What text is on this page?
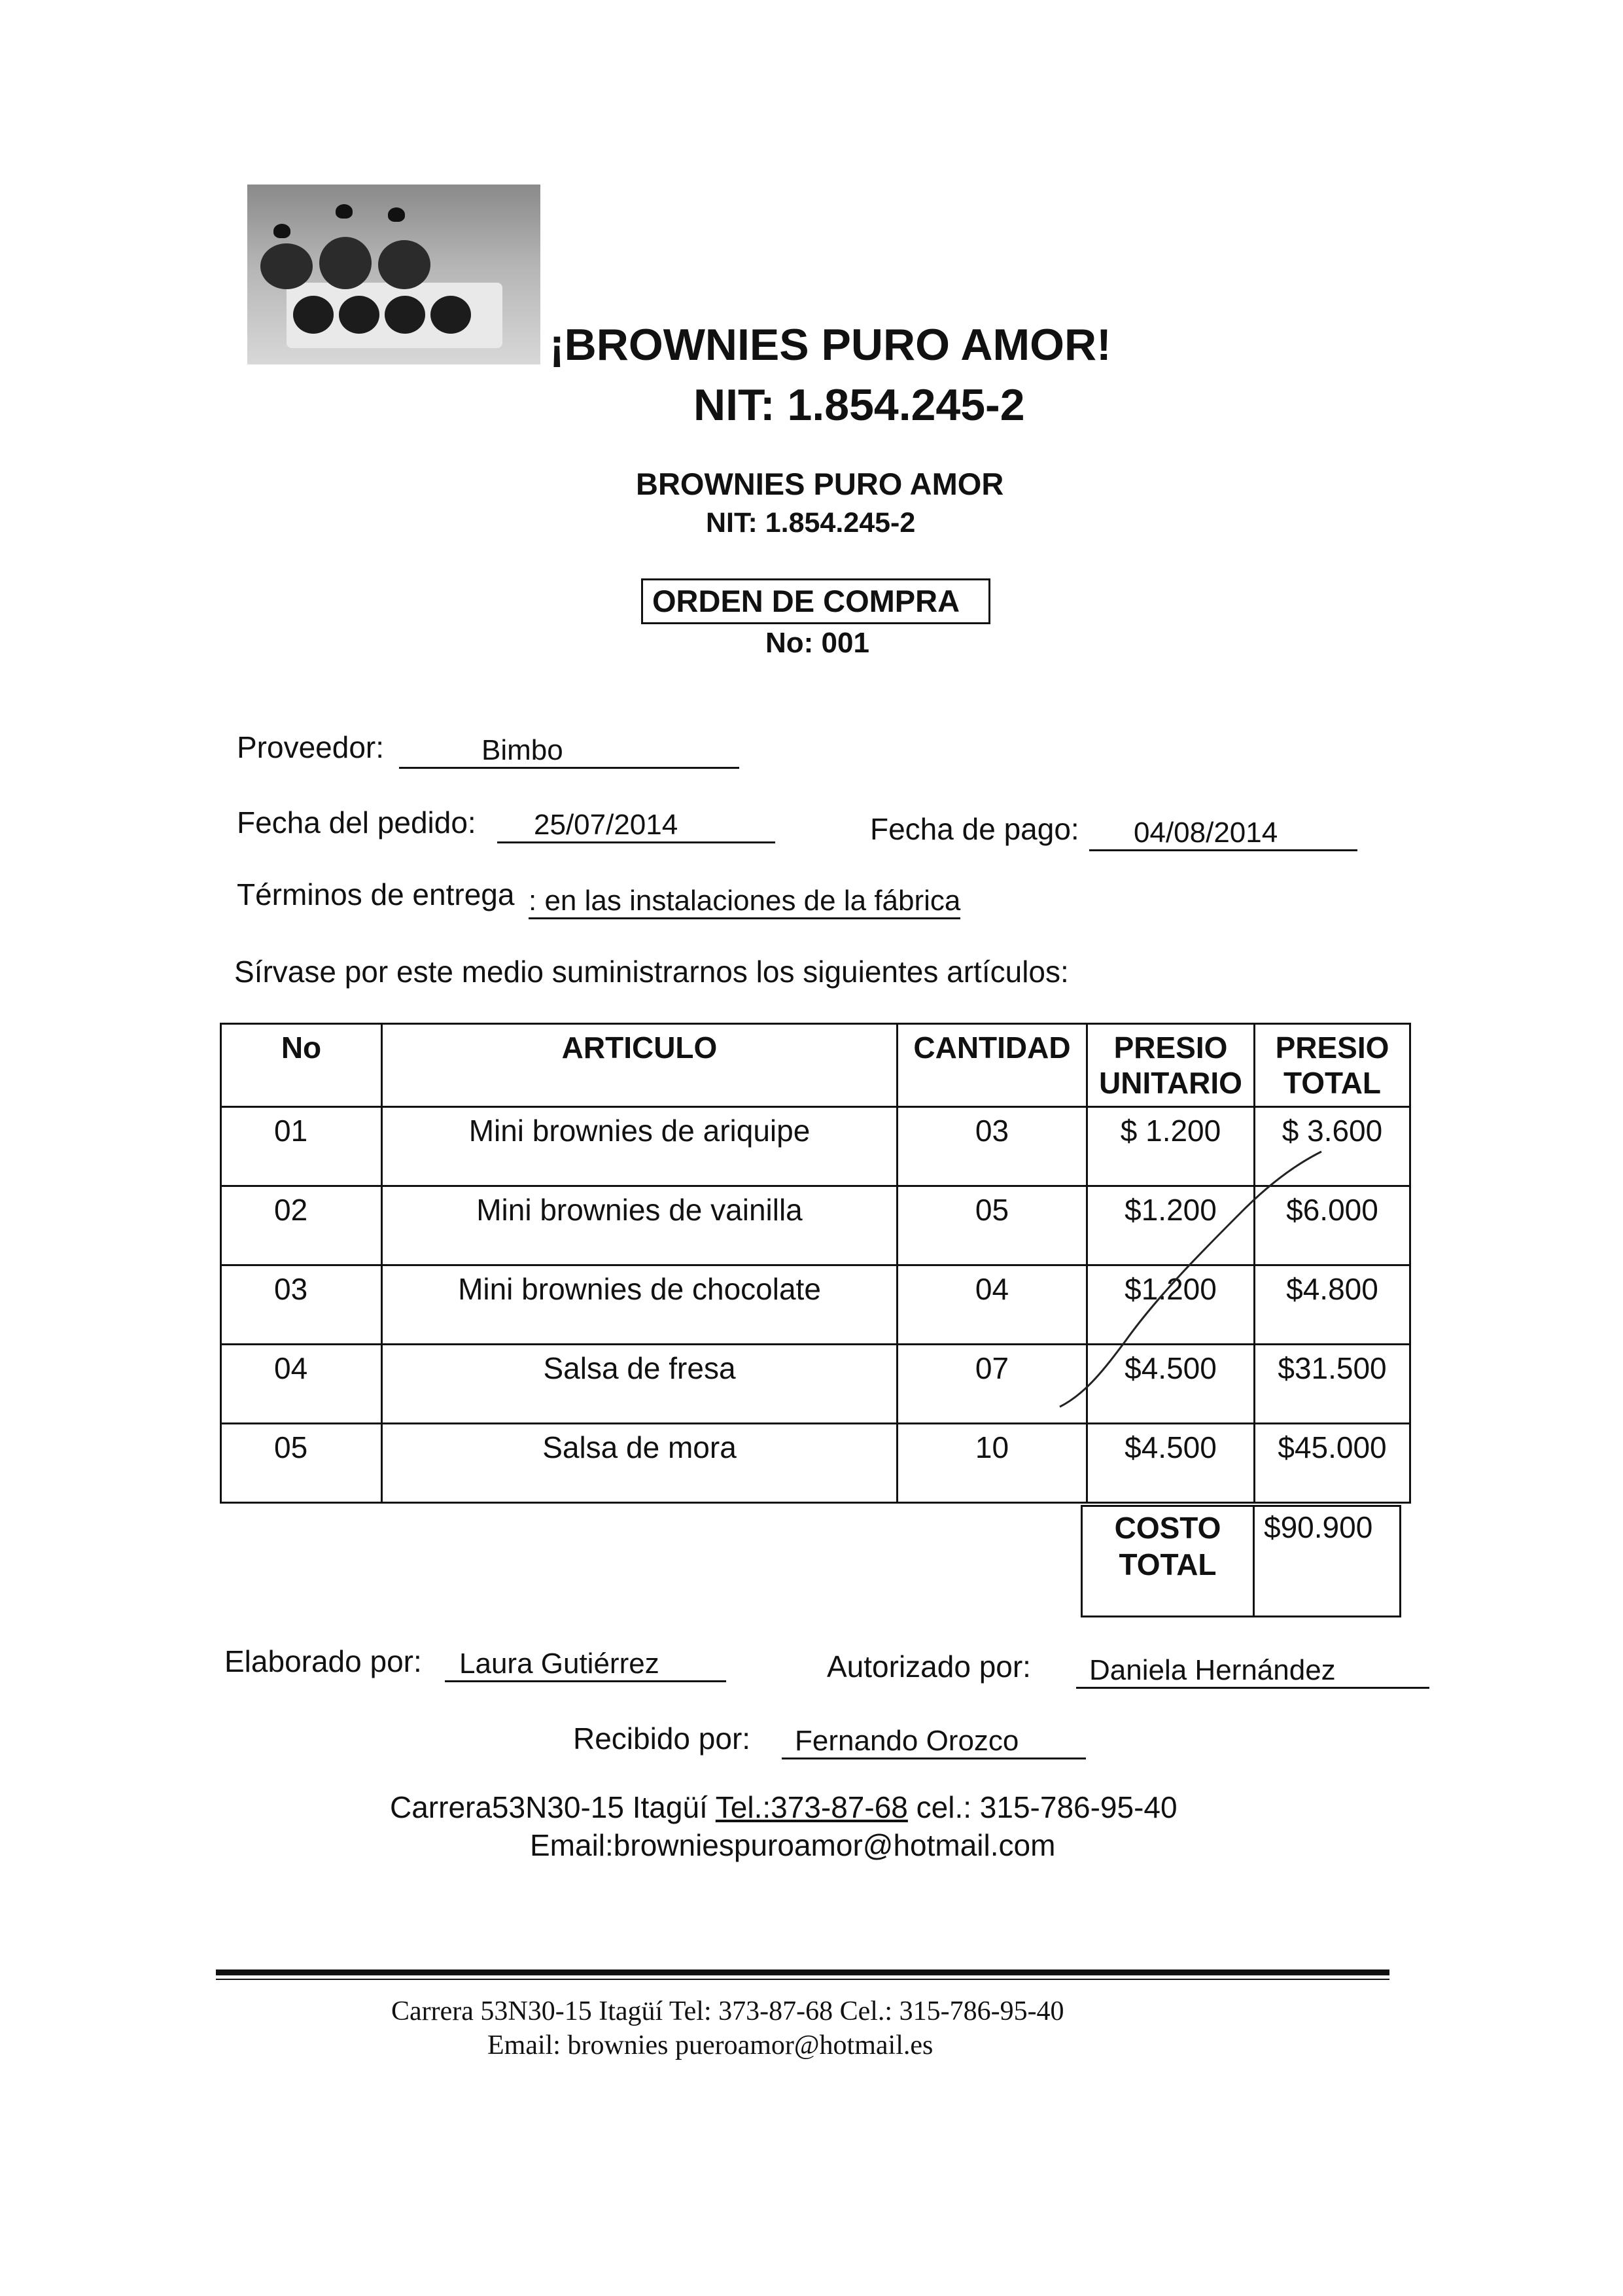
¡BROWNIES PURO AMOR!
NIT: 1.854.245-2
BROWNIES PURO AMOR
NIT: 1.854.245-2
ORDEN DE COMPRA
No: 001
Proveedor:	Bimbo
Fecha del pedido:	25/07/2014	Fecha de pago:	04/08/2014
Términos de entrega : en las instalaciones de la fábrica
Sírvase por este medio suministrarnos los siguientes artículos:
No	ARTICULO	CANTIDAD	PRESIO UNITARIO	PRESIO TOTAL
01	Mini brownies de ariquipe	03	$ 1.200	$ 3.600
02	Mini brownies de vainilla	05	$1.200	$6.000
03	Mini brownies de chocolate	04	$1.200	$4.800
04	Salsa de fresa	07	$4.500	$31.500
05	Salsa de mora	10	$4.500	$45.000
COSTO TOTAL
$90.900
Elaborado por:	Laura Gutiérrez	Autorizado por:	Daniela Hernández
Recibido por:	Fernando Orozco
Carrera53N30-15 Itagüí Tel.:373-87-68 cel.: 315-786-95-40
Email:browniespuroamor@hotmail.com
Carrera 53N30-15 Itagüí Tel: 373-87-68 Cel.: 315-786-95-40
Email: brownies pueroamor@hotmail.es
